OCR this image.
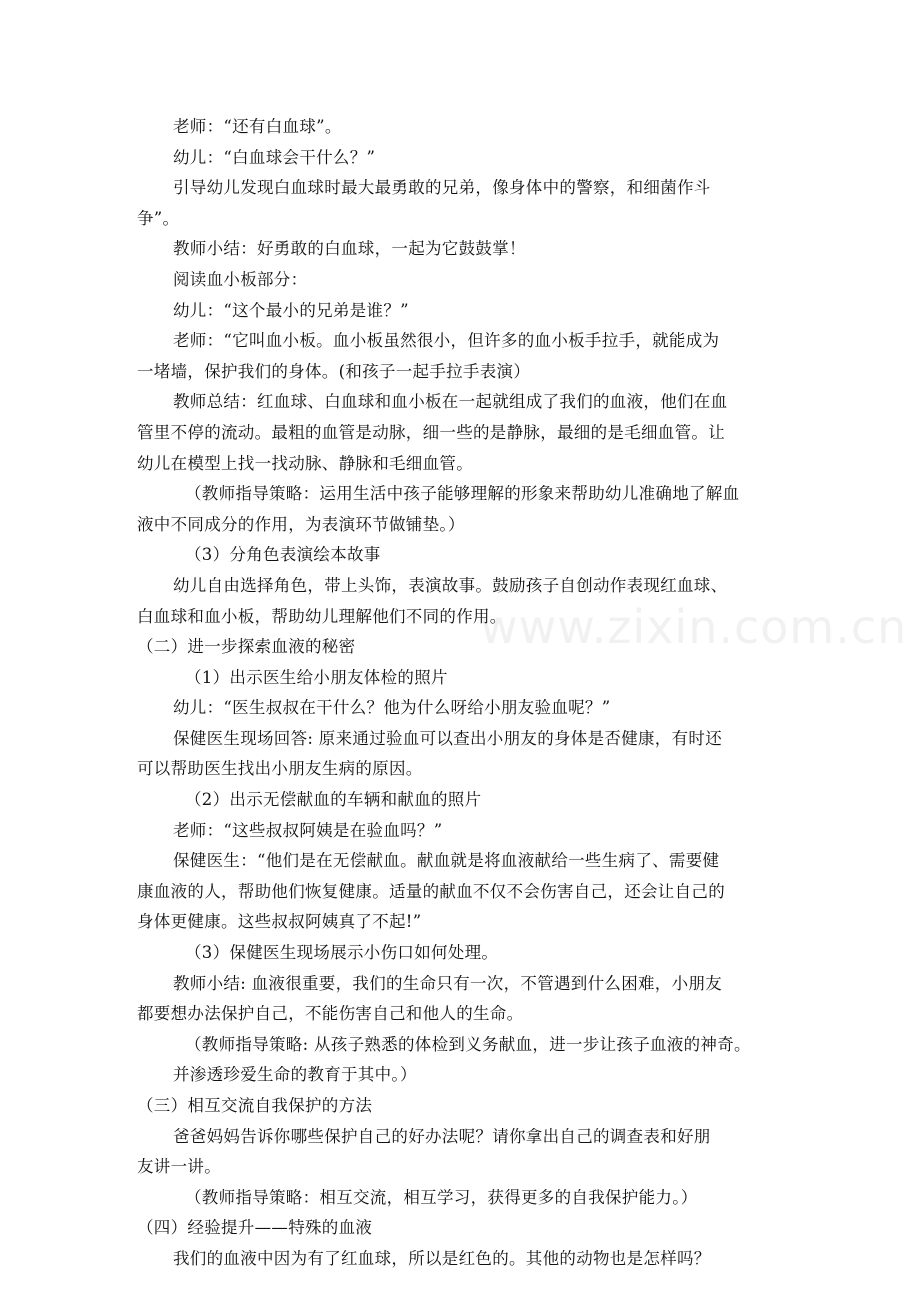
www.zixin.com.cn
老师：“还有白血球”。
幼儿：“白血球会干什么？”
引导幼儿发现白血球时最大最勇敢的兄弟，像身体中的警察，和细菌作斗
争”。
教师小结：好勇敢的白血球，一起为它鼓鼓掌！
阅读血小板部分：
幼儿：“这个最小的兄弟是谁？”
老师：“它叫血小板。血小板虽然很小，但许多的血小板手拉手，就能成为
一堵墙，保护我们的身体。(和孩子一起手拉手表演）
教师总结：红血球、白血球和血小板在一起就组成了我们的血液，他们在血
管里不停的流动。最粗的血管是动脉，细一些的是静脉，最细的是毛细血管。让
幼儿在模型上找一找动脉、静脉和毛细血管。
（教师指导策略：运用生活中孩子能够理解的形象来帮助幼儿准确地了解血
液中不同成分的作用，为表演环节做铺垫。）
（3）分角色表演绘本故事
幼儿自由选择角色，带上头饰，表演故事。鼓励孩子自创动作表现红血球、
白血球和血小板，帮助幼儿理解他们不同的作用。
（二）进一步探索血液的秘密
（1）出示医生给小朋友体检的照片
幼儿：“医生叔叔在干什么？他为什么呀给小朋友验血呢？”
保健医生现场回答: 原来通过验血可以查出小朋友的身体是否健康，有时还
可以帮助医生找出小朋友生病的原因。
（2）出示无偿献血的车辆和献血的照片
老师：“这些叔叔阿姨是在验血吗？”
保健医生：“他们是在无偿献血。献血就是将血液献给一些生病了、需要健
康血液的人，帮助他们恢复健康。适量的献血不仅不会伤害自己，还会让自己的
身体更健康。这些叔叔阿姨真了不起!”
（3）保健医生现场展示小伤口如何处理。
教师小结: 血液很重要，我们的生命只有一次，不管遇到什么困难，小朋友
都要想办法保护自己，不能伤害自己和他人的生命。
（教师指导策略: 从孩子熟悉的体检到义务献血，进一步让孩子血液的神奇。
并渗透珍爱生命的教育于其中。）
（三）相互交流自我保护的方法
爸爸妈妈告诉你哪些保护自己的好办法呢？请你拿出自己的调查表和好朋
友讲一讲。
（教师指导策略：相互交流，相互学习，获得更多的自我保护能力。）
（四）经验提升——特殊的血液
我们的血液中因为有了红血球，所以是红色的。其他的动物也是怎样吗？
